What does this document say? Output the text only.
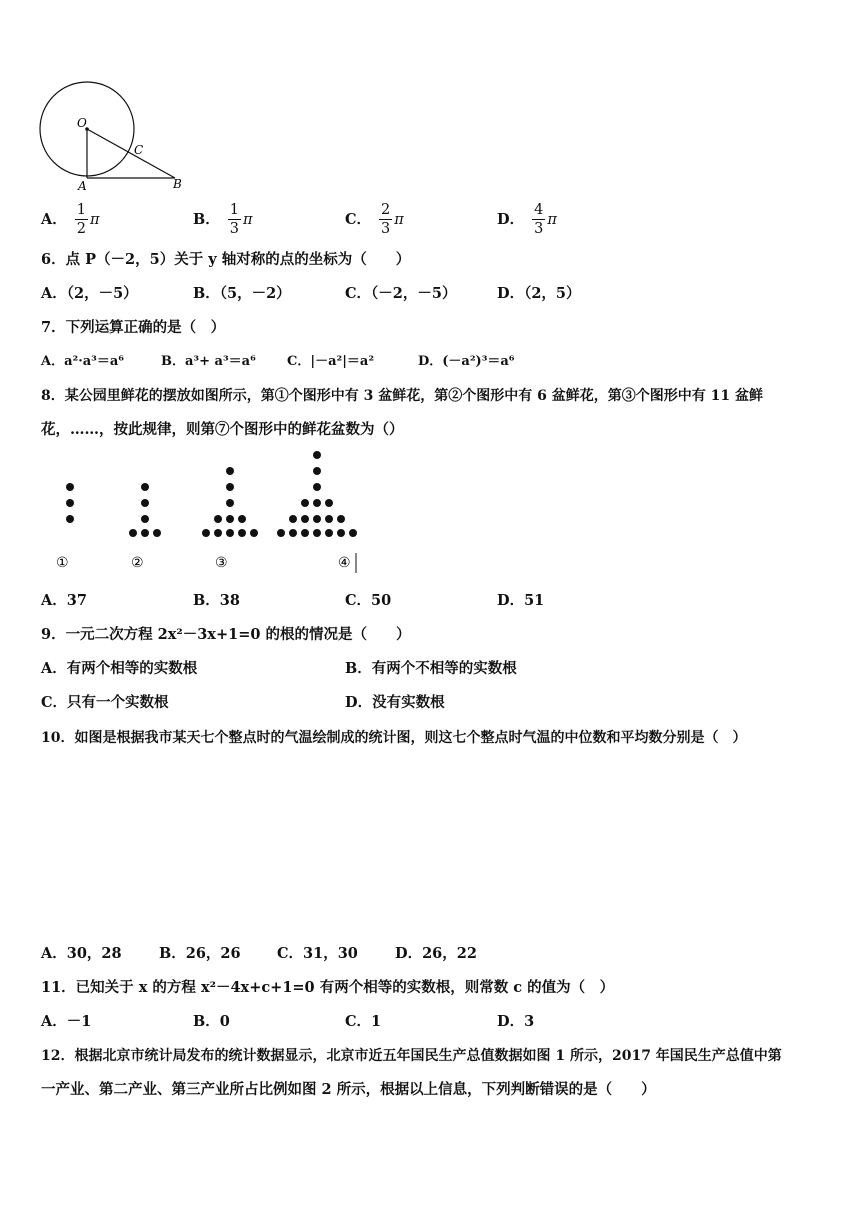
O
C
A	B
A． $\frac{1}{2}$ π	B． $\frac{1}{3}$ π	C． $\frac{2}{3}$ π	D． $\frac{4}{3}$ π
6．点 P（－2，5）关于 y 轴对称的点的坐标为（　　）
A．（2，－5）	B．（5，－2）	C．（－2，－5）	D．（2，5）
7．下列运算正确的是（　）
A．a²·a³＝a⁶	B．a³+ a³＝a⁶ C．|－a²|＝a²	D．(－a²)³＝a⁶
8．某公园里鲜花的摆放如图所示，第①个图形中有 3 盆鲜花，第②个图形中有 6 盆鲜花，第③个图形中有 11 盆鲜
花，……，按此规律，则第⑦个图形中的鲜花盆数为（）
①	②	③	④
A．37	B．38	C．50	D．51
9．一元二次方程 2x²－3x+1=0 的根的情况是（　　）
A．有两个相等的实数根	B．有两个不相等的实数根
C．只有一个实数根	D．没有实数根
10．如图是根据我市某天七个整点时的气温绘制成的统计图，则这七个整点时气温的中位数和平均数分别是（　）
A．30，28	B．26，26	C．31，30	D．26，22
11．已知关于 x 的方程 x²－4x+c+1=0 有两个相等的实数根，则常数 c 的值为（　）
A．－1	B．0	C．1	D．3
12．根据北京市统计局发布的统计数据显示，北京市近五年国民生产总值数据如图 1 所示，2017 年国民生产总值中第
一产业、第二产业、第三产业所占比例如图 2 所示，根据以上信息，下列判断错误的是（　　）
